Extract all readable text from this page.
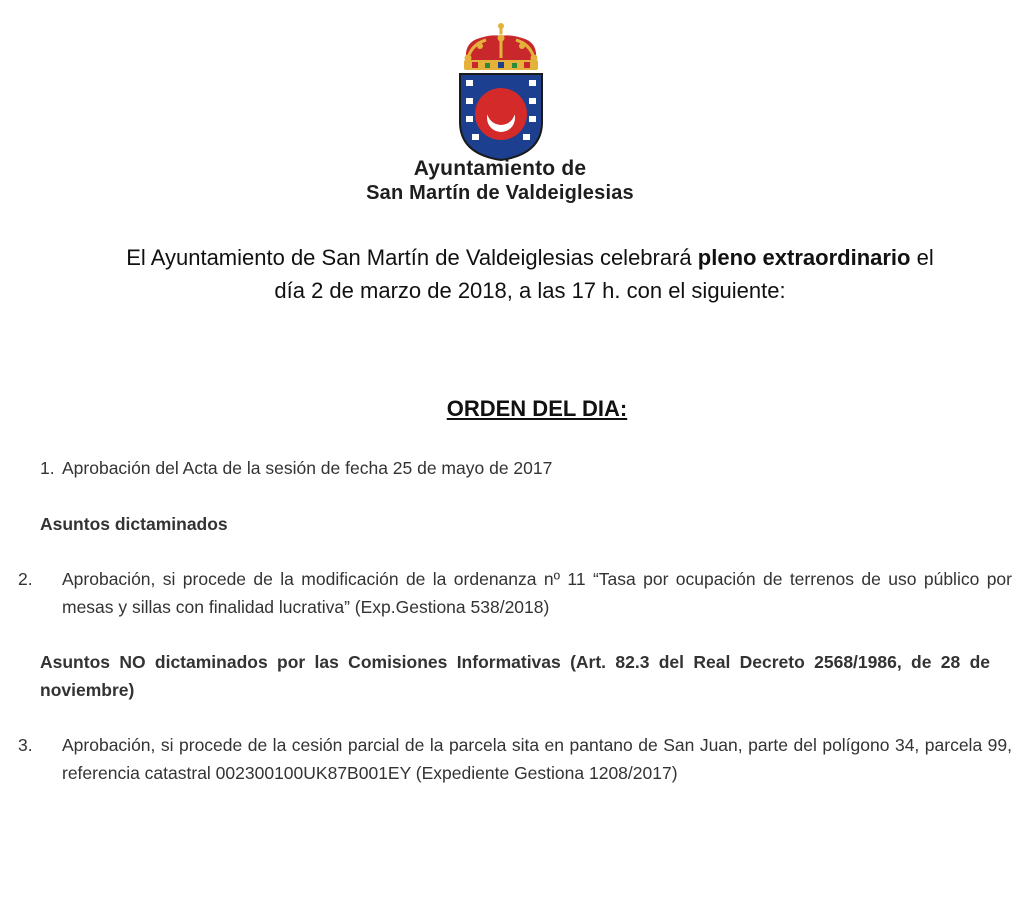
Ayuntamiento de
San Martín de Valdeiglesias
El Ayuntamiento de San Martín de Valdeiglesias celebrará pleno extraordinario el día 2 de marzo de 2018, a las 17 h. con el siguiente:
ORDEN DEL DIA:
1. Aprobación del Acta de la sesión de fecha 25 de mayo de 2017
Asuntos dictaminados
2. Aprobación, si procede de la modificación de la ordenanza nº 11 “Tasa por ocupación de terrenos de uso público por mesas y sillas con finalidad lucrativa” (Exp.Gestiona 538/2018)
Asuntos NO dictaminados por las Comisiones Informativas (Art. 82.3 del Real Decreto 2568/1986, de 28 de noviembre)
3. Aprobación, si procede de la cesión parcial de la parcela sita en pantano de San Juan, parte del polígono 34, parcela 99, referencia catastral 002300100UK87B001EY (Expediente Gestiona 1208/2017)
